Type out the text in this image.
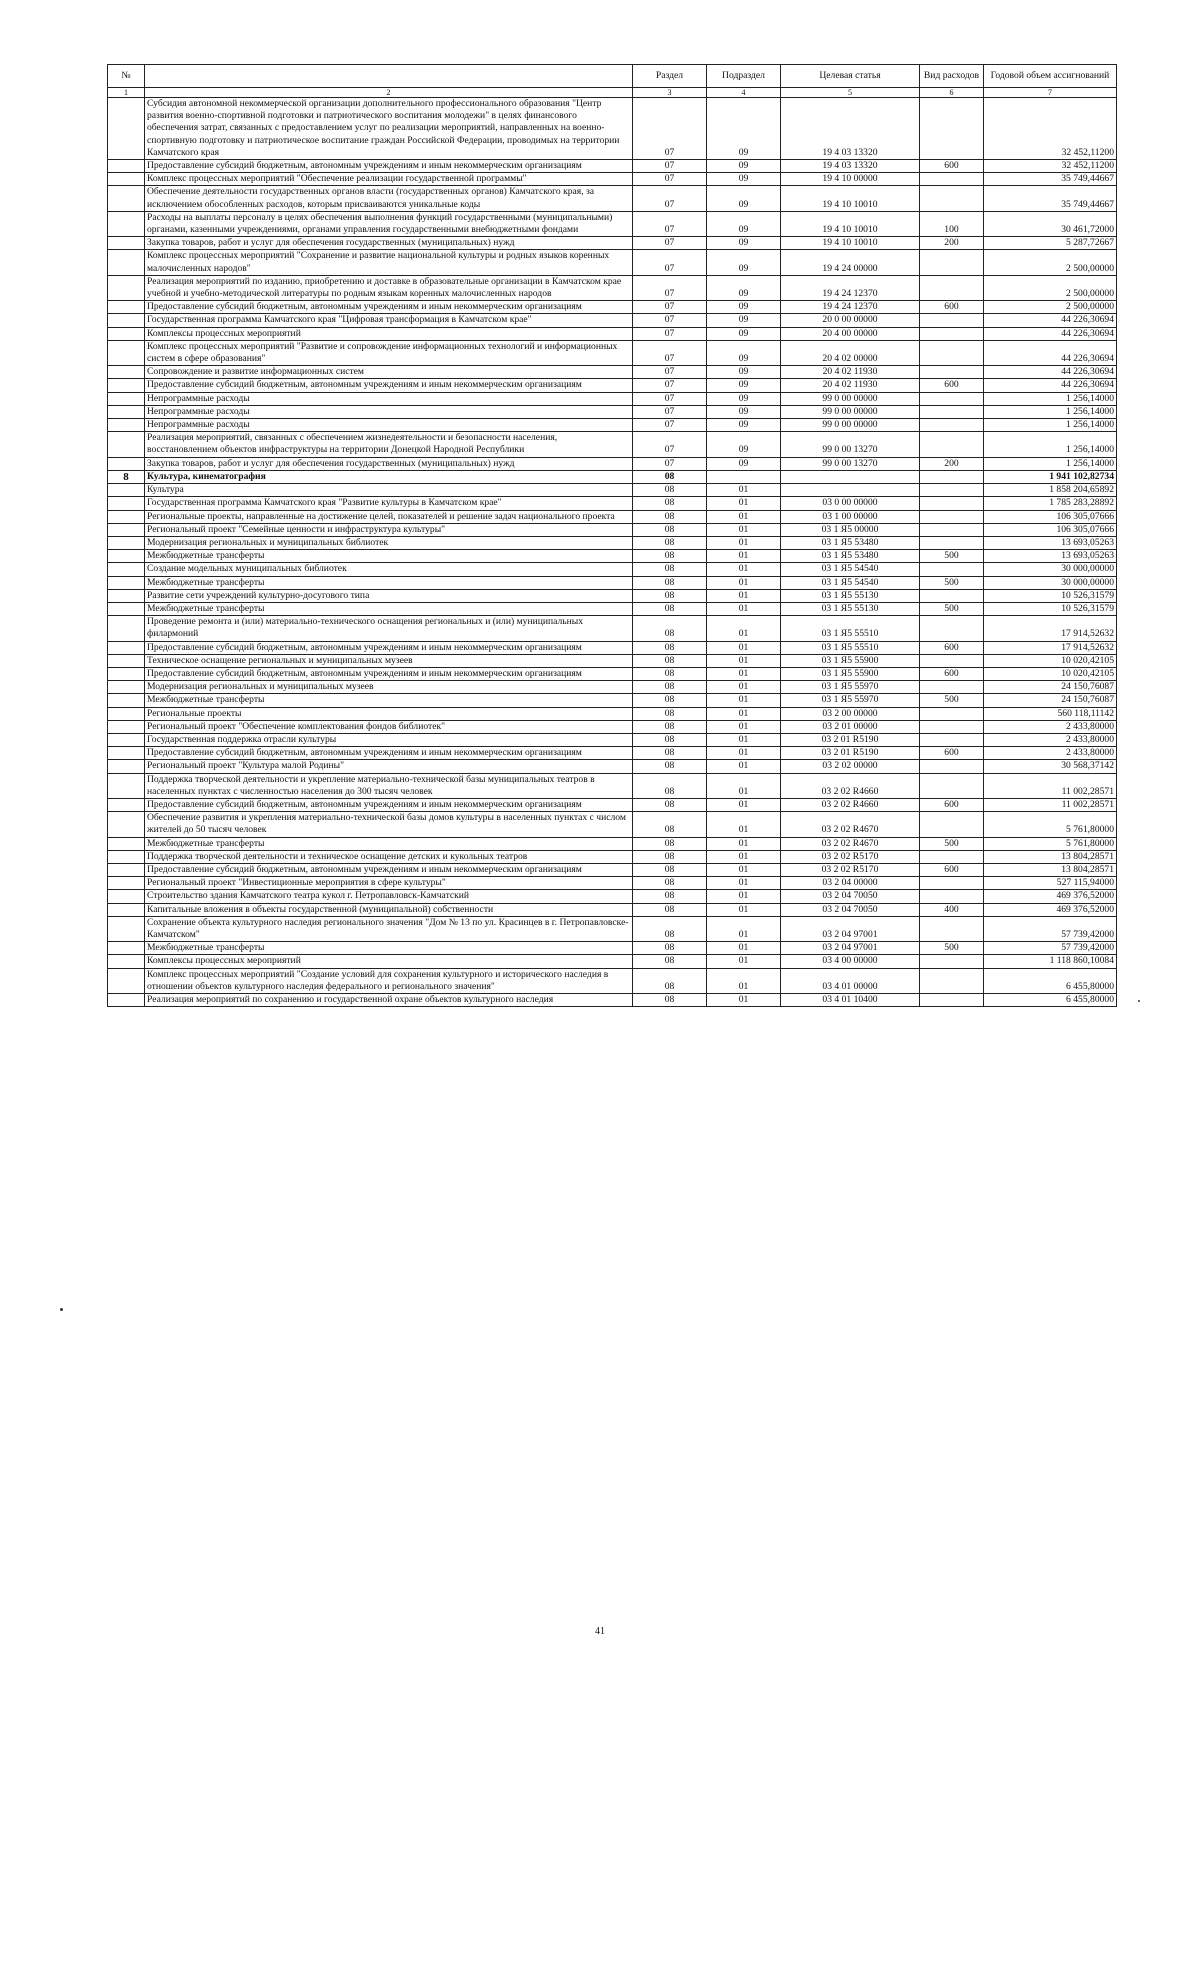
№		Раздел	Подраздел	Целевая статья	Вид расходов	Годовой объем ассигнований
1	2	3	4	5	6	7
	Субсидия автономной некоммерческой организации дополнительного профессионального образования "Центр развития военно-спортивной подготовки и патриотического воспитания молодежи" в целях финансового обеспечения затрат, связанных с предоставлением услуг по реализации мероприятий, направленных на военно-спортивную подготовку и патриотическое воспитание граждан Российской Федерации, проводимых на территории Камчатского края	07	09	19 4 03 13320		32 452,11200
	Предоставление субсидий бюджетным, автономным учреждениям и иным некоммерческим организациям	07	09	19 4 03 13320	600	32 452,11200
	Комплекс процессных мероприятий "Обеспечение реализации государственной программы"	07	09	19 4 10 00000		35 749,44667
	Обеспечение деятельности государственных органов власти (государственных органов) Камчатского края, за исключением обособленных расходов, которым присваиваются уникальные коды	07	09	19 4 10 10010		35 749,44667
	Расходы на выплаты персоналу в целях обеспечения выполнения функций государственными (муниципальными) органами, казенными учреждениями, органами управления государственными внебюджетными фондами	07	09	19 4 10 10010	100	30 461,72000
	Закупка товаров, работ и услуг для обеспечения государственных (муниципальных) нужд	07	09	19 4 10 10010	200	5 287,72667
	Комплекс процессных мероприятий "Сохранение и развитие национальной культуры и родных языков коренных малочисленных народов"	07	09	19 4 24 00000		2 500,00000
	Реализация мероприятий по изданию, приобретению и доставке в образовательные организации в Камчатском крае учебной и учебно-методической литературы по родным языкам коренных малочисленных народов	07	09	19 4 24 12370		2 500,00000
	Предоставление субсидий бюджетным, автономным учреждениям и иным некоммерческим организациям	07	09	19 4 24 12370	600	2 500,00000
	Государственная программа Камчатского края "Цифровая трансформация в Камчатском крае"	07	09	20 0 00 00000		44 226,30694
	Комплексы процессных мероприятий	07	09	20 4 00 00000		44 226,30694
	Комплекс процессных мероприятий "Развитие и сопровождение информационных технологий и информационных систем в сфере образования"	07	09	20 4 02 00000		44 226,30694
	Сопровождение и развитие информационных систем	07	09	20 4 02 11930		44 226,30694
	Предоставление субсидий бюджетным, автономным учреждениям и иным некоммерческим организациям	07	09	20 4 02 11930	600	44 226,30694
	Непрограммные расходы	07	09	99 0 00 00000		1 256,14000
	Непрограммные расходы	07	09	99 0 00 00000		1 256,14000
	Непрограммные расходы	07	09	99 0 00 00000		1 256,14000
	Реализация мероприятий, связанных с обеспечением жизнедеятельности и безопасности населения, восстановлением объектов инфраструктуры на территории Донецкой Народной Республики	07	09	99 0 00 13270		1 256,14000
	Закупка товаров, работ и услуг для обеспечения государственных (муниципальных) нужд	07	09	99 0 00 13270	200	1 256,14000
8	Культура, кинематография	08				1 941 102,82734
	Культура	08	01			1 858 204,65892
	Государственная программа Камчатского края "Развитие культуры в Камчатском крае"	08	01	03 0 00 00000		1 785 283,28892
	Региональные проекты, направленные на достижение целей, показателей и решение задач национального проекта	08	01	03 1 00 00000		106 305,07666
	Региональный проект "Семейные ценности и инфраструктура культуры"	08	01	03 1 Я5 00000		106 305,07666
	Модернизация региональных и муниципальных библиотек	08	01	03 1 Я5 53480		13 693,05263
	Межбюджетные трансферты	08	01	03 1 Я5 53480	500	13 693,05263
	Создание модельных муниципальных библиотек	08	01	03 1 Я5 54540		30 000,00000
	Межбюджетные трансферты	08	01	03 1 Я5 54540	500	30 000,00000
	Развитие сети учреждений культурно-досугового типа	08	01	03 1 Я5 55130		10 526,31579
	Межбюджетные трансферты	08	01	03 1 Я5 55130	500	10 526,31579
	Проведение ремонта и (или) материально-технического оснащения региональных и (или) муниципальных филармоний	08	01	03 1 Я5 55510		17 914,52632
	Предоставление субсидий бюджетным, автономным учреждениям и иным некоммерческим организациям	08	01	03 1 Я5 55510	600	17 914,52632
	Техническое оснащение региональных и муниципальных музеев	08	01	03 1 Я5 55900		10 020,42105
	Предоставление субсидий бюджетным, автономным учреждениям и иным некоммерческим организациям	08	01	03 1 Я5 55900	600	10 020,42105
	Модернизация региональных и муниципальных музеев	08	01	03 1 Я5 55970		24 150,76087
	Межбюджетные трансферты	08	01	03 1 Я5 55970	500	24 150,76087
	Региональные проекты	08	01	03 2 00 00000		560 118,11142
	Региональный проект "Обеспечение комплектования фондов библиотек"	08	01	03 2 01 00000		2 433,80000
	Государственная поддержка отрасли культуры	08	01	03 2 01 R5190		2 433,80000
	Предоставление субсидий бюджетным, автономным учреждениям и иным некоммерческим организациям	08	01	03 2 01 R5190	600	2 433,80000
	Региональный проект "Культура малой Родины"	08	01	03 2 02 00000		30 568,37142
	Поддержка творческой деятельности и укрепление материально-технической базы муниципальных театров в населенных пунктах с численностью населения до 300 тысяч человек	08	01	03 2 02 R4660		11 002,28571
	Предоставление субсидий бюджетным, автономным учреждениям и иным некоммерческим организациям	08	01	03 2 02 R4660	600	11 002,28571
	Обеспечение развития и укрепления материально-технической базы домов культуры в населенных пунктах с числом жителей до 50 тысяч человек	08	01	03 2 02 R4670		5 761,80000
	Межбюджетные трансферты	08	01	03 2 02 R4670	500	5 761,80000
	Поддержка творческой деятельности и техническое оснащение детских и кукольных театров	08	01	03 2 02 R5170		13 804,28571
	Предоставление субсидий бюджетным, автономным учреждениям и иным некоммерческим организациям	08	01	03 2 02 R5170	600	13 804,28571
	Региональный проект "Инвестиционные мероприятия в сфере культуры"	08	01	03 2 04 00000		527 115,94000
	Строительство здания Камчатского театра кукол г. Петропавловск-Камчатский	08	01	03 2 04 70050		469 376,52000
	Капитальные вложения в объекты государственной (муниципальной) собственности	08	01	03 2 04 70050	400	469 376,52000
	Сохранение объекта культурного наследия регионального значения "Дом № 13 по ул. Красинцев в г. Петропавловске-Камчатском"	08	01	03 2 04 97001		57 739,42000
	Межбюджетные трансферты	08	01	03 2 04 97001	500	57 739,42000
	Комплексы процессных мероприятий	08	01	03 4 00 00000		1 118 860,10084
	Комплекс процессных мероприятий "Создание условий для сохранения культурного и исторического наследия в отношении объектов культурного наследия федерального и регионального значения"	08	01	03 4 01 00000		6 455,80000
	Реализация мероприятий по сохранению и государственной охране объектов культурного наследия	08	01	03 4 01 10400		6 455,80000
41
